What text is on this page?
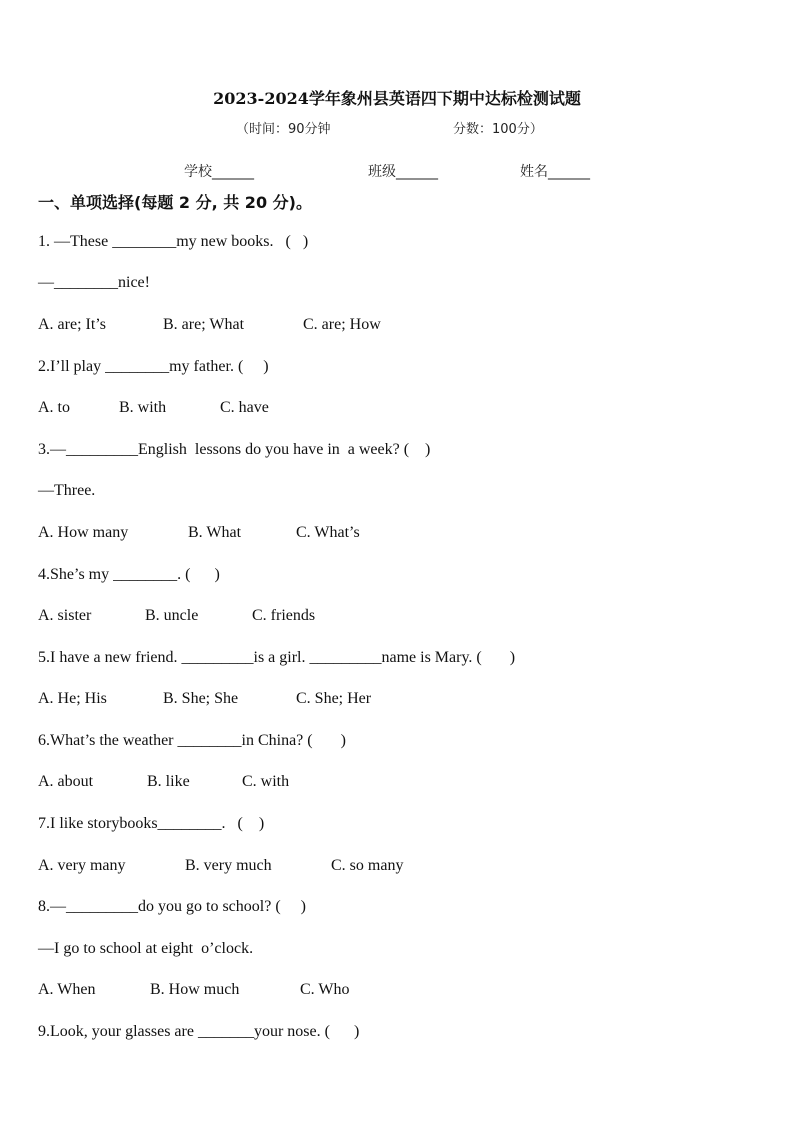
2023-2024学年象州县英语四下期中达标检测试题
（时间：90分钟	分数：100分）
学校______	班级______	姓名______
一、单项选择(每题 2 分, 共 20 分)。
1. —These ________my new books.   (   )
—________nice!
A. are; It’s	B. are; What	C. are; How
2.I’ll play ________my father. (     )
A. to	B. with	C. have
3.—_________English  lessons do you have in  a week? (    )
—Three.
A. How many	B. What	C. What’s
4.She’s my ________. (      )
A. sister	B. uncle	C. friends
5.I have a new friend. _________is a girl. _________name is Mary. (       )
A. He; His	B. She; She	C. She; Her
6.What’s the weather ________in China? (       )
A. about	B. like	C. with
7.I like storybooks________.   (    )
A. very many	B. very much	C. so many
8.—_________do you go to school? (     )
—I go to school at eight  o’clock.
A. When	B. How much	C. Who
9.Look, your glasses are _______your nose. (      )
